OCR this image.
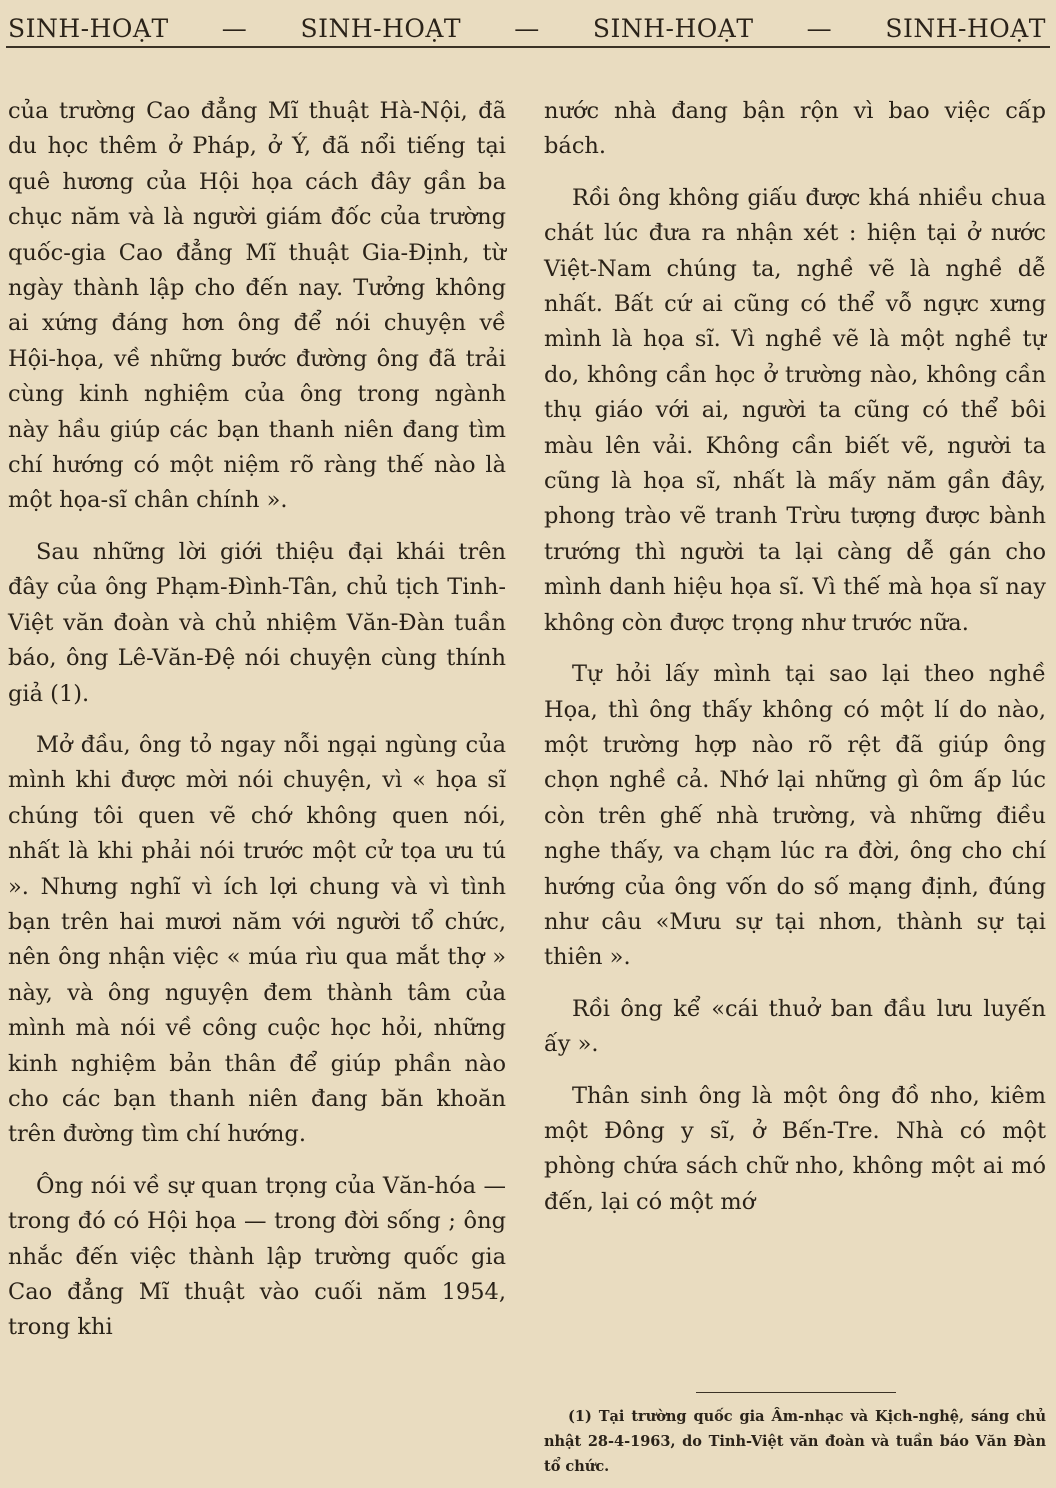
SINH-HOẠT — SINH-HOẠT — SINH-HOẠT — SINH-HOẠT

của trường Cao đẳng Mĩ thuật Hà-Nội, đã du học thêm ở Pháp, ở Ý, đã nổi tiếng tại quê hương của Hội họa cách đây gần ba chục năm và là người giám đốc của trường quốc-gia Cao đẳng Mĩ thuật Gia-Định, từ ngày thành lập cho đến nay. Tưởng không ai xứng đáng hơn ông để nói chuyện về Hội-họa, về những bước đường ông đã trải cùng kinh nghiệm của ông trong ngành này hầu giúp các bạn thanh niên đang tìm chí hướng có một niệm rõ ràng thế nào là một họa-sĩ chân chính ».

Sau những lời giới thiệu đại khái trên đây của ông Phạm-Đình-Tân, chủ tịch Tinh-Việt văn đoàn và chủ nhiệm Văn-Đàn tuần báo, ông Lê-Văn-Đệ nói chuyện cùng thính giả (1).

Mở đầu, ông tỏ ngay nỗi ngại ngùng của mình khi được mời nói chuyện, vì « họa sĩ chúng tôi quen vẽ chớ không quen nói, nhất là khi phải nói trước một cử tọa ưu tú ». Nhưng nghĩ vì ích lợi chung và vì tình bạn trên hai mươi năm với người tổ chức, nên ông nhận việc « múa rìu qua mắt thợ » này, và ông nguyện đem thành tâm của mình mà nói về công cuộc học hỏi, những kinh nghiệm bản thân để giúp phần nào cho các bạn thanh niên đang băn khoăn trên đường tìm chí hướng.

Ông nói về sự quan trọng của Văn-hóa — trong đó có Hội họa — trong đời sống ; ông nhắc đến việc thành lập trường quốc gia Cao đẳng Mĩ thuật vào cuối năm 1954, trong khi

nước nhà đang bận rộn vì bao việc cấp bách.

Rồi ông không giấu được khá nhiều chua chát lúc đưa ra nhận xét : hiện tại ở nước Việt-Nam chúng ta, nghề vẽ là nghề dễ nhất. Bất cứ ai cũng có thể vỗ ngực xưng mình là họa sĩ. Vì nghề vẽ là một nghề tự do, không cần học ở trường nào, không cần thụ giáo với ai, người ta cũng có thể bôi màu lên vải. Không cần biết vẽ, người ta cũng là họa sĩ, nhất là mấy năm gần đây, phong trào vẽ tranh Trừu tượng được bành trướng thì người ta lại càng dễ gán cho mình danh hiệu họa sĩ. Vì thế mà họa sĩ nay không còn được trọng như trước nữa.

Tự hỏi lấy mình tại sao lại theo nghề Họa, thì ông thấy không có một lí do nào, một trường hợp nào rõ rệt đã giúp ông chọn nghề cả. Nhớ lại những gì ôm ấp lúc còn trên ghế nhà trường, và những điều nghe thấy, va chạm lúc ra đời, ông cho chí hướng của ông vốn do số mạng định, đúng như câu «Mưu sự tại nhơn, thành sự tại thiên ».

Rồi ông kể «cái thuở ban đầu lưu luyến ấy ».

Thân sinh ông là một ông đồ nho, kiêm một Đông y sĩ, ở Bến-Tre. Nhà có một phòng chứa sách chữ nho, không một ai mó đến, lại có một mớ

(1) Tại trường quốc gia Âm-nhạc và Kịch-nghệ, sáng chủ nhật 28-4-1963, do Tinh-Việt văn đoàn và tuần báo Văn Đàn tổ chức.
